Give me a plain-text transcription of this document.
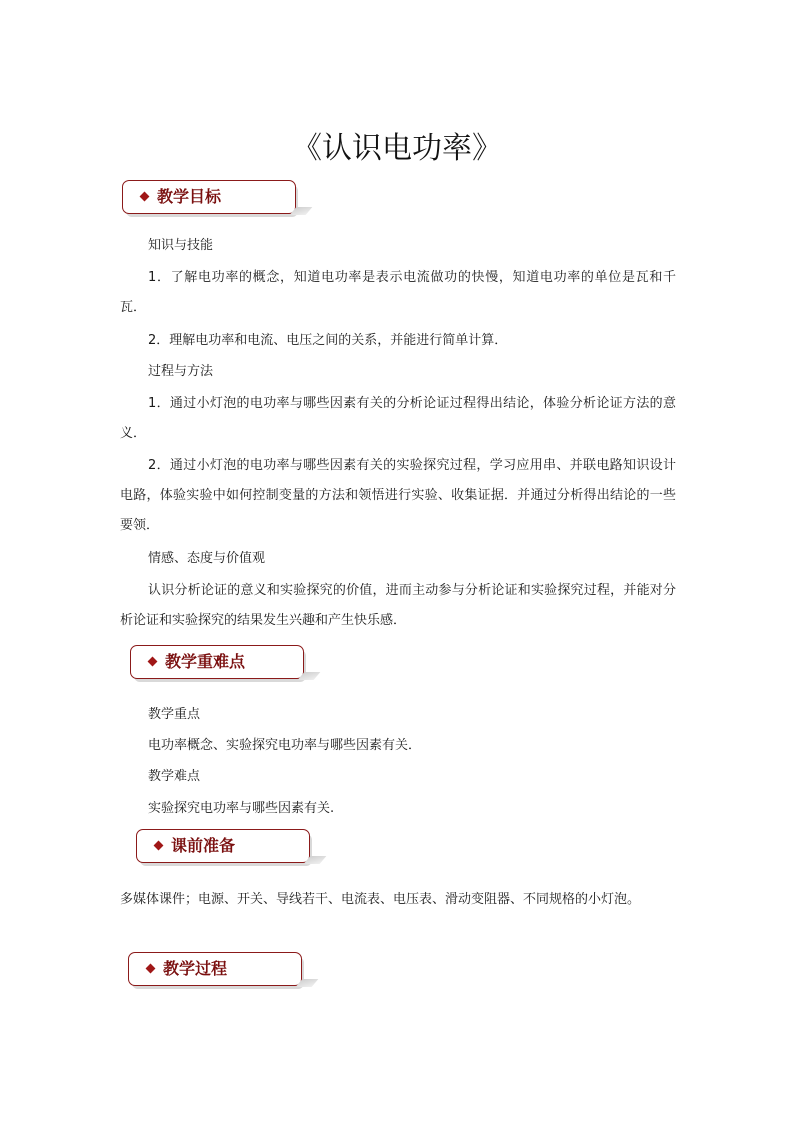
《认识电功率》
教学目标

知识与技能

1．了解电功率的概念，知道电功率是表示电流做功的快慢，知道电功率的单位是瓦和千瓦．

2．理解电功率和电流、电压之间的关系，并能进行简单计算．

过程与方法

1．通过小灯泡的电功率与哪些因素有关的分析论证过程得出结论，体验分析论证方法的意义．

2．通过小灯泡的电功率与哪些因素有关的实验探究过程，学习应用串、并联电路知识设计电路，体验实验中如何控制变量的方法和领悟进行实验、收集证据．并通过分析得出结论的一些要领．

情感、态度与价值观

认识分析论证的意义和实验探究的价值，进而主动参与分析论证和实验探究过程，并能对分析论证和实验探究的结果发生兴趣和产生快乐感．

教学重难点

教学重点

电功率概念、实验探究电功率与哪些因素有关．

教学难点

实验探究电功率与哪些因素有关.

课前准备

多媒体课件；电源、开关、导线若干、电流表、电压表、滑动变阻器、不同规格的小灯泡。

教学过程
